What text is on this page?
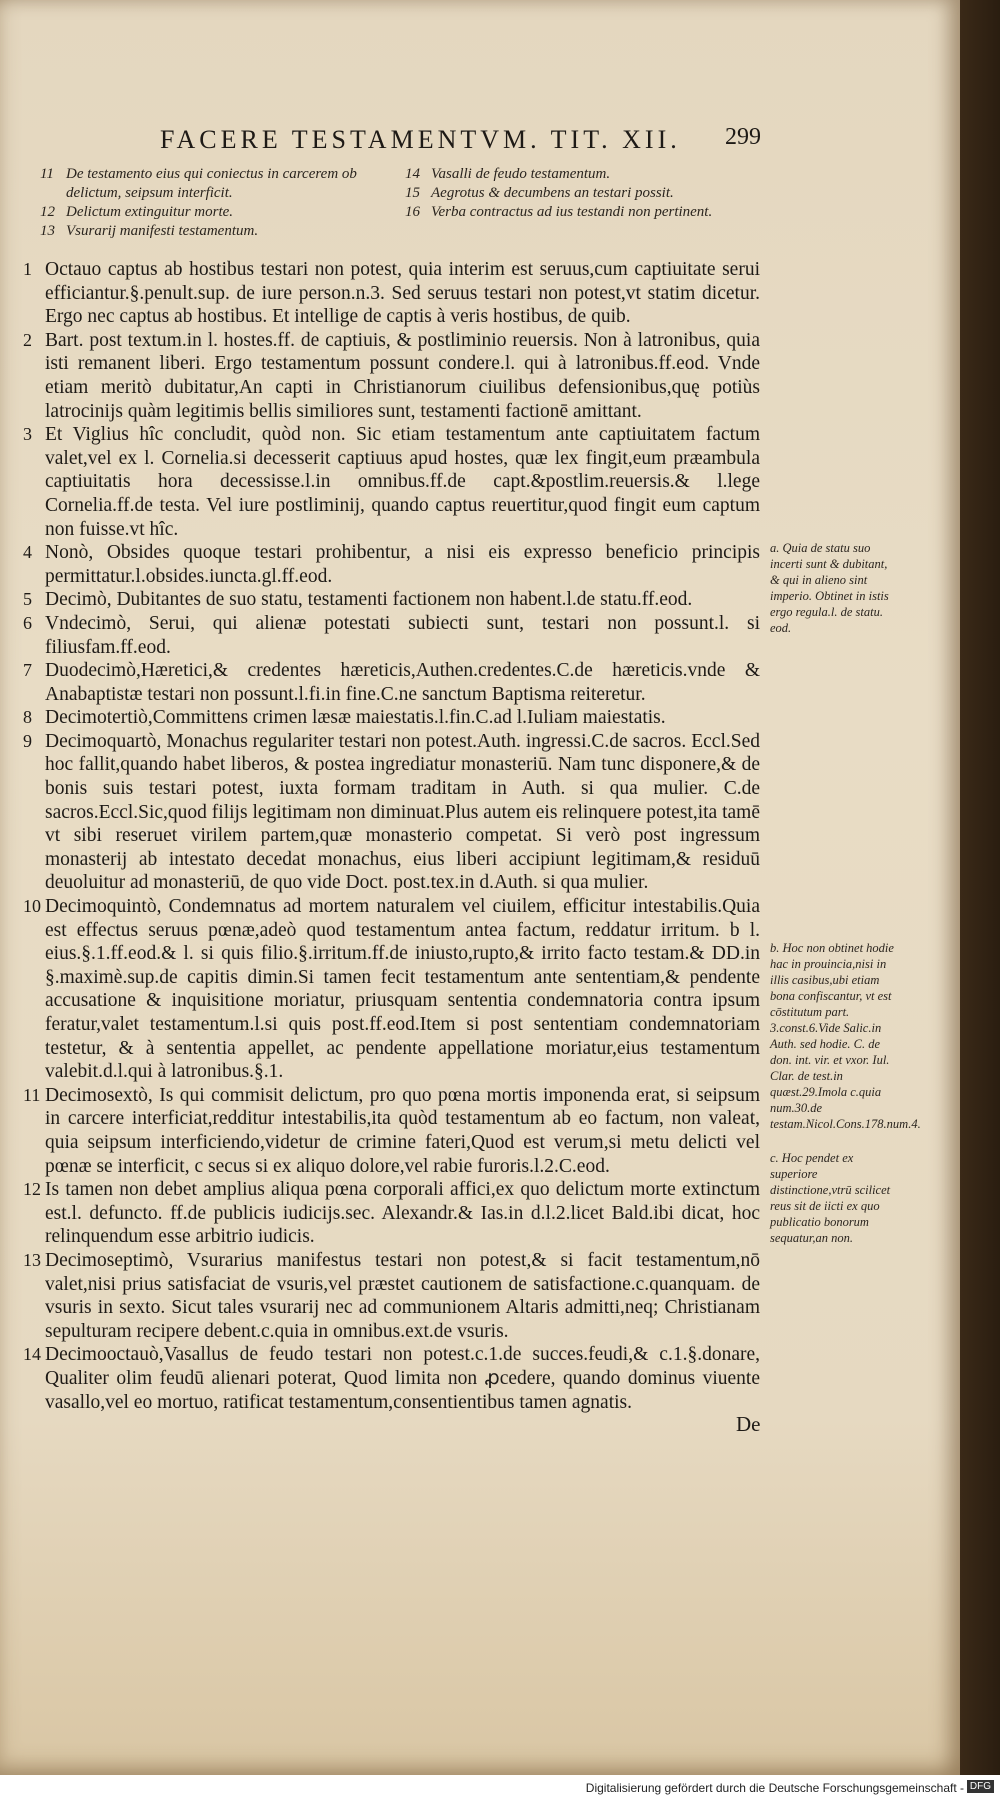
FACERE TESTAMENTVM. TIT. XII. 299
11 De testamento eius qui coniectus in carcerem ob delictum, seipsum interficit.
12 Delictum extinguitur morte.
13 Vsurarij manifesti testamentum.
14 Vasalli de feudo testamentum.
15 Aegrotus & decumbens an testari possit.
16 Verba contractus ad ius testandi non pertinent.
1 Octauo captus ab hostibus testari non potest, quia interim est seruus,cum captiuitate serui efficiantur.§.penult.sup. de iure person.n.3. Sed seruus testari non potest,vt statim dicetur. Ergo nec captus ab hostibus. Et intellige de captis à veris hostibus, de quib.
2 Bart. post textum.in l. hostes.ff. de captiuis, & postliminio reuersis. Non à latronibus, quia isti remanent liberi. Ergo testamentum possunt condere.l. qui à latronibus.ff.eod. Vnde etiam meritò dubitatur,An capti in Christianorum ciuilibus defensionibus,quę potiùs latrocinijs quàm legitimis bellis similiores sunt, testamenti factionē amittant.
3 Et Viglius hîc concludit, quòd non. Sic etiam testamentum ante captiuitatem factum valet,vel ex l. Cornelia.si decesserit captiuus apud hostes, quæ lex fingit,eum præambula captiuitatis hora decessisse.l.in omnibus.ff.de capt.&postlim.reuersis.& l.lege Cornelia.ff.de testa. Vel iure postliminij, quando captus reuertitur,quod fingit eum captum non fuisse.vt hîc.
4 Nonò, Obsides quoque testari prohibentur, a nisi eis expresso beneficio principis permittatur.l.obsides.iuncta.gl.ff.eod.
5 Decimò, Dubitantes de suo statu, testamenti factionem non habent.l.de statu.ff.eod.
6 Vndecimò, Serui, qui alienæ potestati subiecti sunt, testari non possunt.l. si filiusfam.ff.eod.
7 Duodecimò,Hæretici,& credentes hæreticis,Authen.credentes.C.de hæreticis.vnde & Anabaptistæ testari non possunt.l.fi.in fine.C.ne sanctum Baptisma reiteretur.
8 Decimotertiò,Committens crimen læsæ maiestatis.l.fin.C.ad l.Iuliam maiestatis.
9 Decimoquartò, Monachus regulariter testari non potest.Auth. ingressi.C.de sacros. Eccl.Sed hoc fallit,quando habet liberos, & postea ingrediatur monasteriū. Nam tunc disponere,& de bonis suis testari potest, iuxta formam traditam in Auth. si qua mulier. C.de sacros.Eccl.Sic,quod filijs legitimam non diminuat.Plus autem eis relinquere potest,ita tamē vt sibi reseruet virilem partem,quæ monasterio competat. Si verò post ingressum monasterij ab intestato decedat monachus, eius liberi accipiunt legitimam,& residuū deuoluitur ad monasteriū, de quo vide Doct. post.tex.in d.Auth. si qua mulier.
10 Decimoquintò, Condemnatus ad mortem naturalem vel ciuilem, efficitur intestabilis.Quia est effectus seruus pœnæ,adeò quod testamentum antea factum, reddatur irritum. b l. eius.§.1.ff.eod.& l. si quis filio.§.irritum.ff.de iniusto,rupto,& irrito facto testam.& DD.in §.maximè.sup.de capitis dimin.Si tamen fecit testamentum ante sententiam,& pendente accusatione & inquisitione moriatur, priusquam sententia condemnatoria contra ipsum feratur,valet testamentum.l.si quis post.ff.eod.Item si post sententiam condemnatoriam testetur, & à sententia appellet, ac pendente appellatione moriatur,eius testamentum valebit.d.l.qui à latronibus.§.1.
11 Decimosextò, Is qui commisit delictum, pro quo pœna mortis imponenda erat, si seipsum in carcere interficiat,redditur intestabilis,ita quòd testamentum ab eo factum, non valeat, quia seipsum interficiendo,videtur de crimine fateri,Quod est verum,si metu delicti vel pœnæ se interficit, c secus si ex aliquo dolore,vel rabie furoris.l.2.C.eod.
12 Is tamen non debet amplius aliqua pœna corporali affici,ex quo delictum morte extinctum est.l. defuncto. ff.de publicis iudicijs.sec. Alexandr.& Ias.in d.l.2.licet Bald.ibi dicat, hoc relinquendum esse arbitrio iudicis.
13 Decimoseptimò, Vsurarius manifestus testari non potest,& si facit testamentum,nō valet,nisi prius satisfaciat de vsuris,vel præstet cautionem de satisfactione.c.quanquam. de vsuris in sexto. Sicut tales vsurarij nec ad communionem Altaris admitti,neq; Christianam sepulturam recipere debent.c.quia in omnibus.ext.de vsuris.
14 Decimooctauò,Vasallus de feudo testari non potest.c.1.de succes.feudi,& c.1.§.donare, Qualiter olim feudū alienari poterat, Quod limita non ꝓcedere, quando dominus viuente vasallo,vel eo mortuo, ratificat testamentum,consentientibus tamen agnatis.
a. Quia de statu suo incerti sunt & dubitant, & qui in alieno sint imperio. Obtinet in istis ergo regula.l. de statu. eod.
b. Hoc non obtinet hodie hac in prouincia,nisi in illis casibus,ubi etiam bona confiscantur, vt est cōstitutum part. 3.const.6.Vide Salic.in Auth. sed hodie. C. de don. int. vir. et vxor. Iul. Clar. de test.in quæst.29.Imola c.quia num.30.de testam.Nicol.Cons.178.num.4.
c. Hoc pendet ex superiore distinctione,vtrū scilicet reus sit de iicti ex quo publicatio bonorum sequatur,an non.
De
Digitalisierung gefördert durch die Deutsche Forschungsgemeinschaft - DFG
